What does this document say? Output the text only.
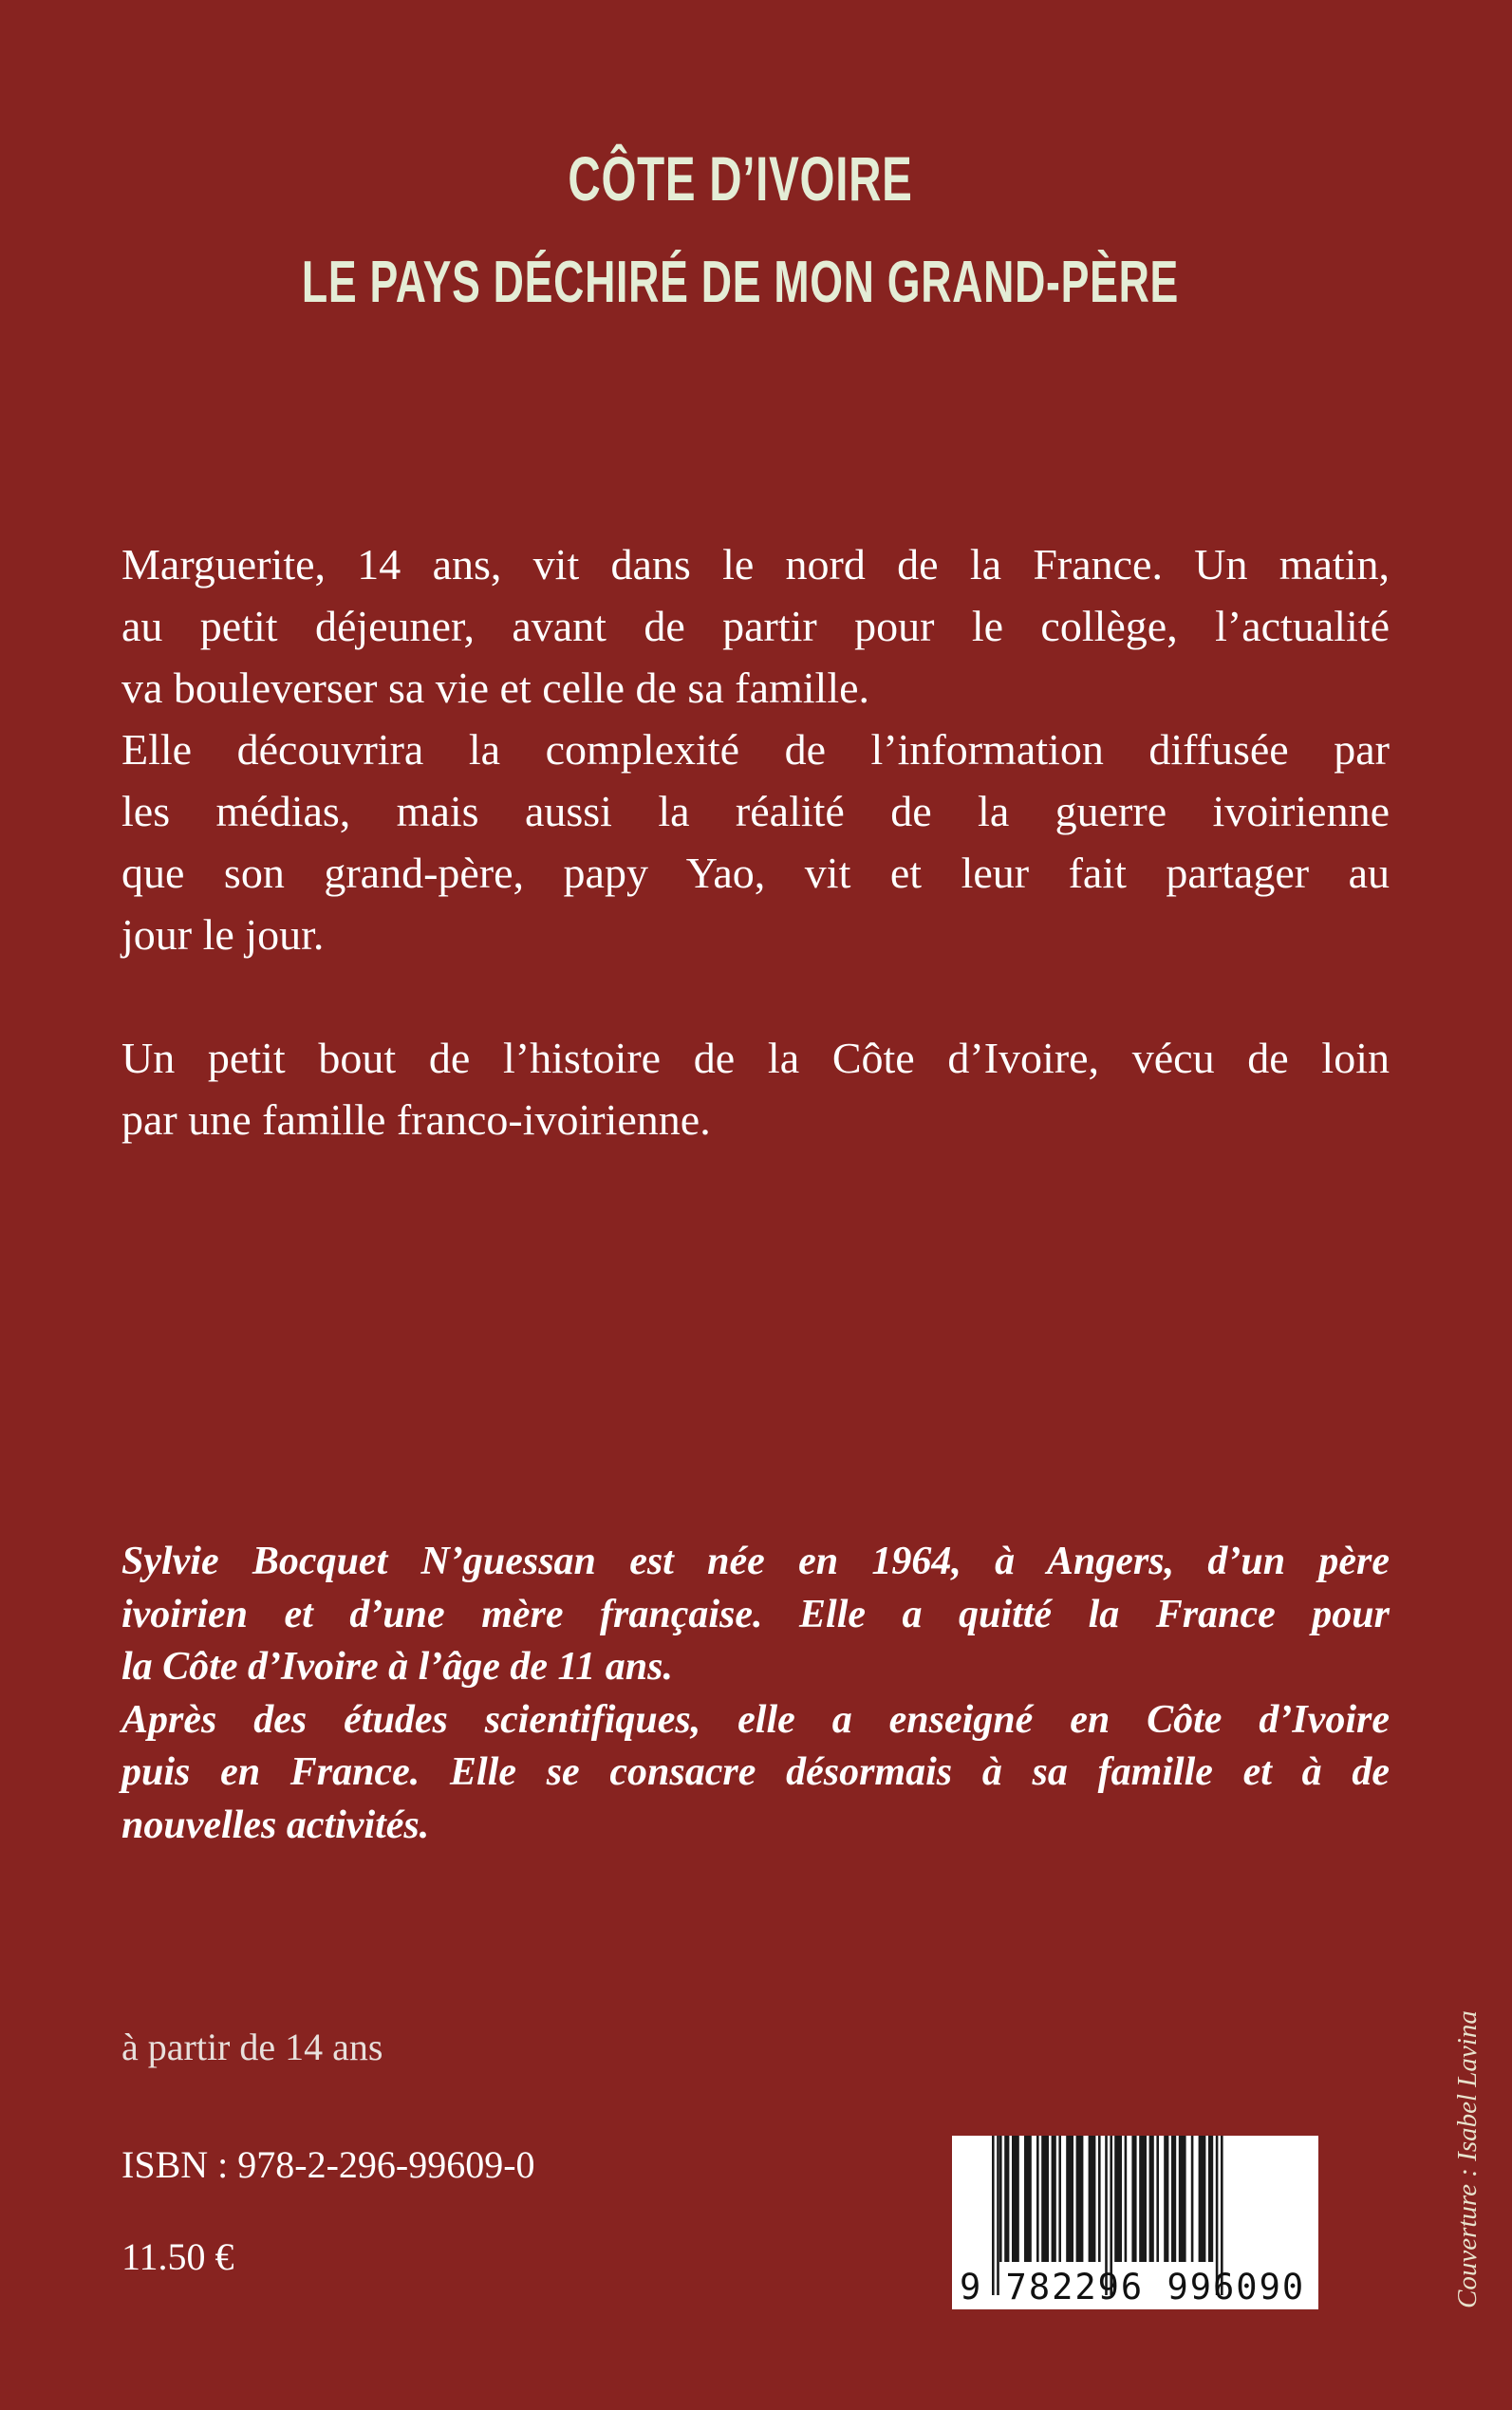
CÔTE D’IVOIRE
LE PAYS DÉCHIRÉ DE MON GRAND-PÈRE
Marguerite, 14 ans, vit dans le nord de la France. Un matin,
au petit déjeuner, avant de partir pour le collège, l’actualité
va bouleverser sa vie et celle de sa famille.
Elle découvrira la complexité de l’information diffusée par
les médias, mais aussi la réalité de la guerre ivoirienne
que son grand-père, papy Yao, vit et leur fait partager au
jour le jour.
Un petit bout de l’histoire de la Côte d’Ivoire, vécu de loin
par une famille franco-ivoirienne.
Sylvie Bocquet N’guessan est née en 1964, à Angers, d’un père
ivoirien et d’une mère française. Elle a quitté la France pour
la Côte d’Ivoire à l’âge de 11 ans.
Après des études scientifiques, elle a enseigné en Côte d’Ivoire
puis en France. Elle se consacre désormais à sa famille et à de
nouvelles activités.
à partir de 14 ans
ISBN : 978-2-296-99609-0
11.50 €
9 782296 996090	Couverture : Isabel Lavina
